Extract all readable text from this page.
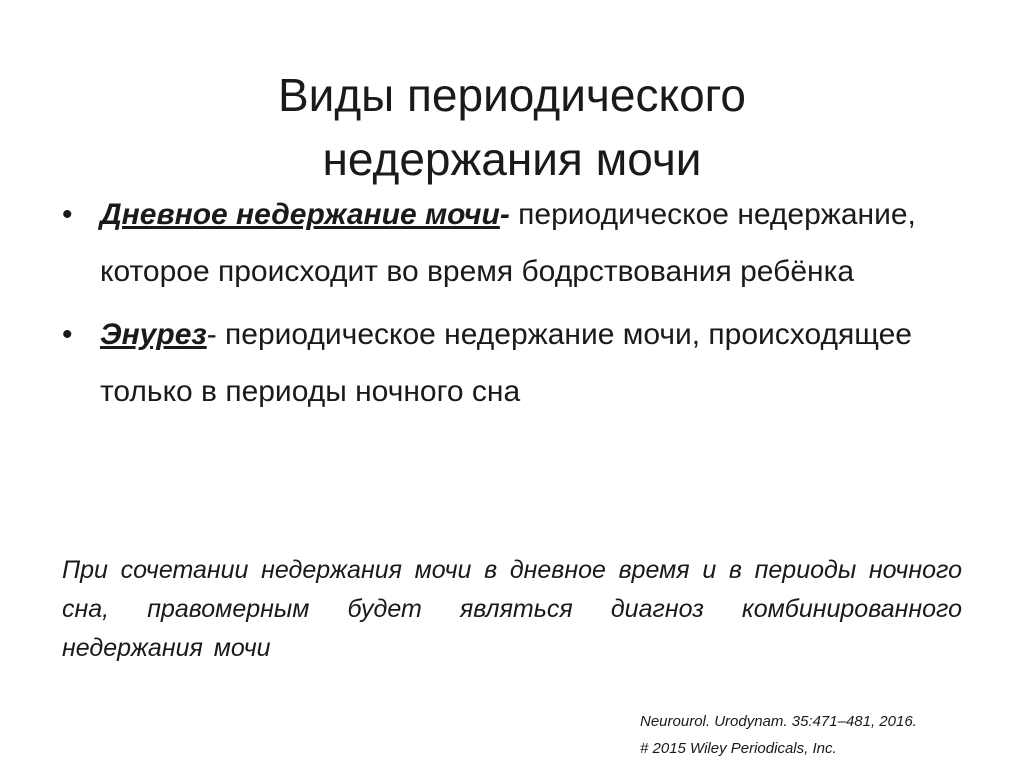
Виды периодического
недержания мочи
• Дневное недержание мочи- периодическое недержание, которое происходит во время бодрствования ребёнка
• Энурез- периодическое недержание мочи, происходящее только в периоды ночного сна

При сочетании недержания мочи в дневное время и в периоды ночного сна, правомерным будет являться диагноз комбинированного недержания мочи

Neurourol. Urodynam. 35:471–481, 2016.
# 2015 Wiley Periodicals, Inc.
